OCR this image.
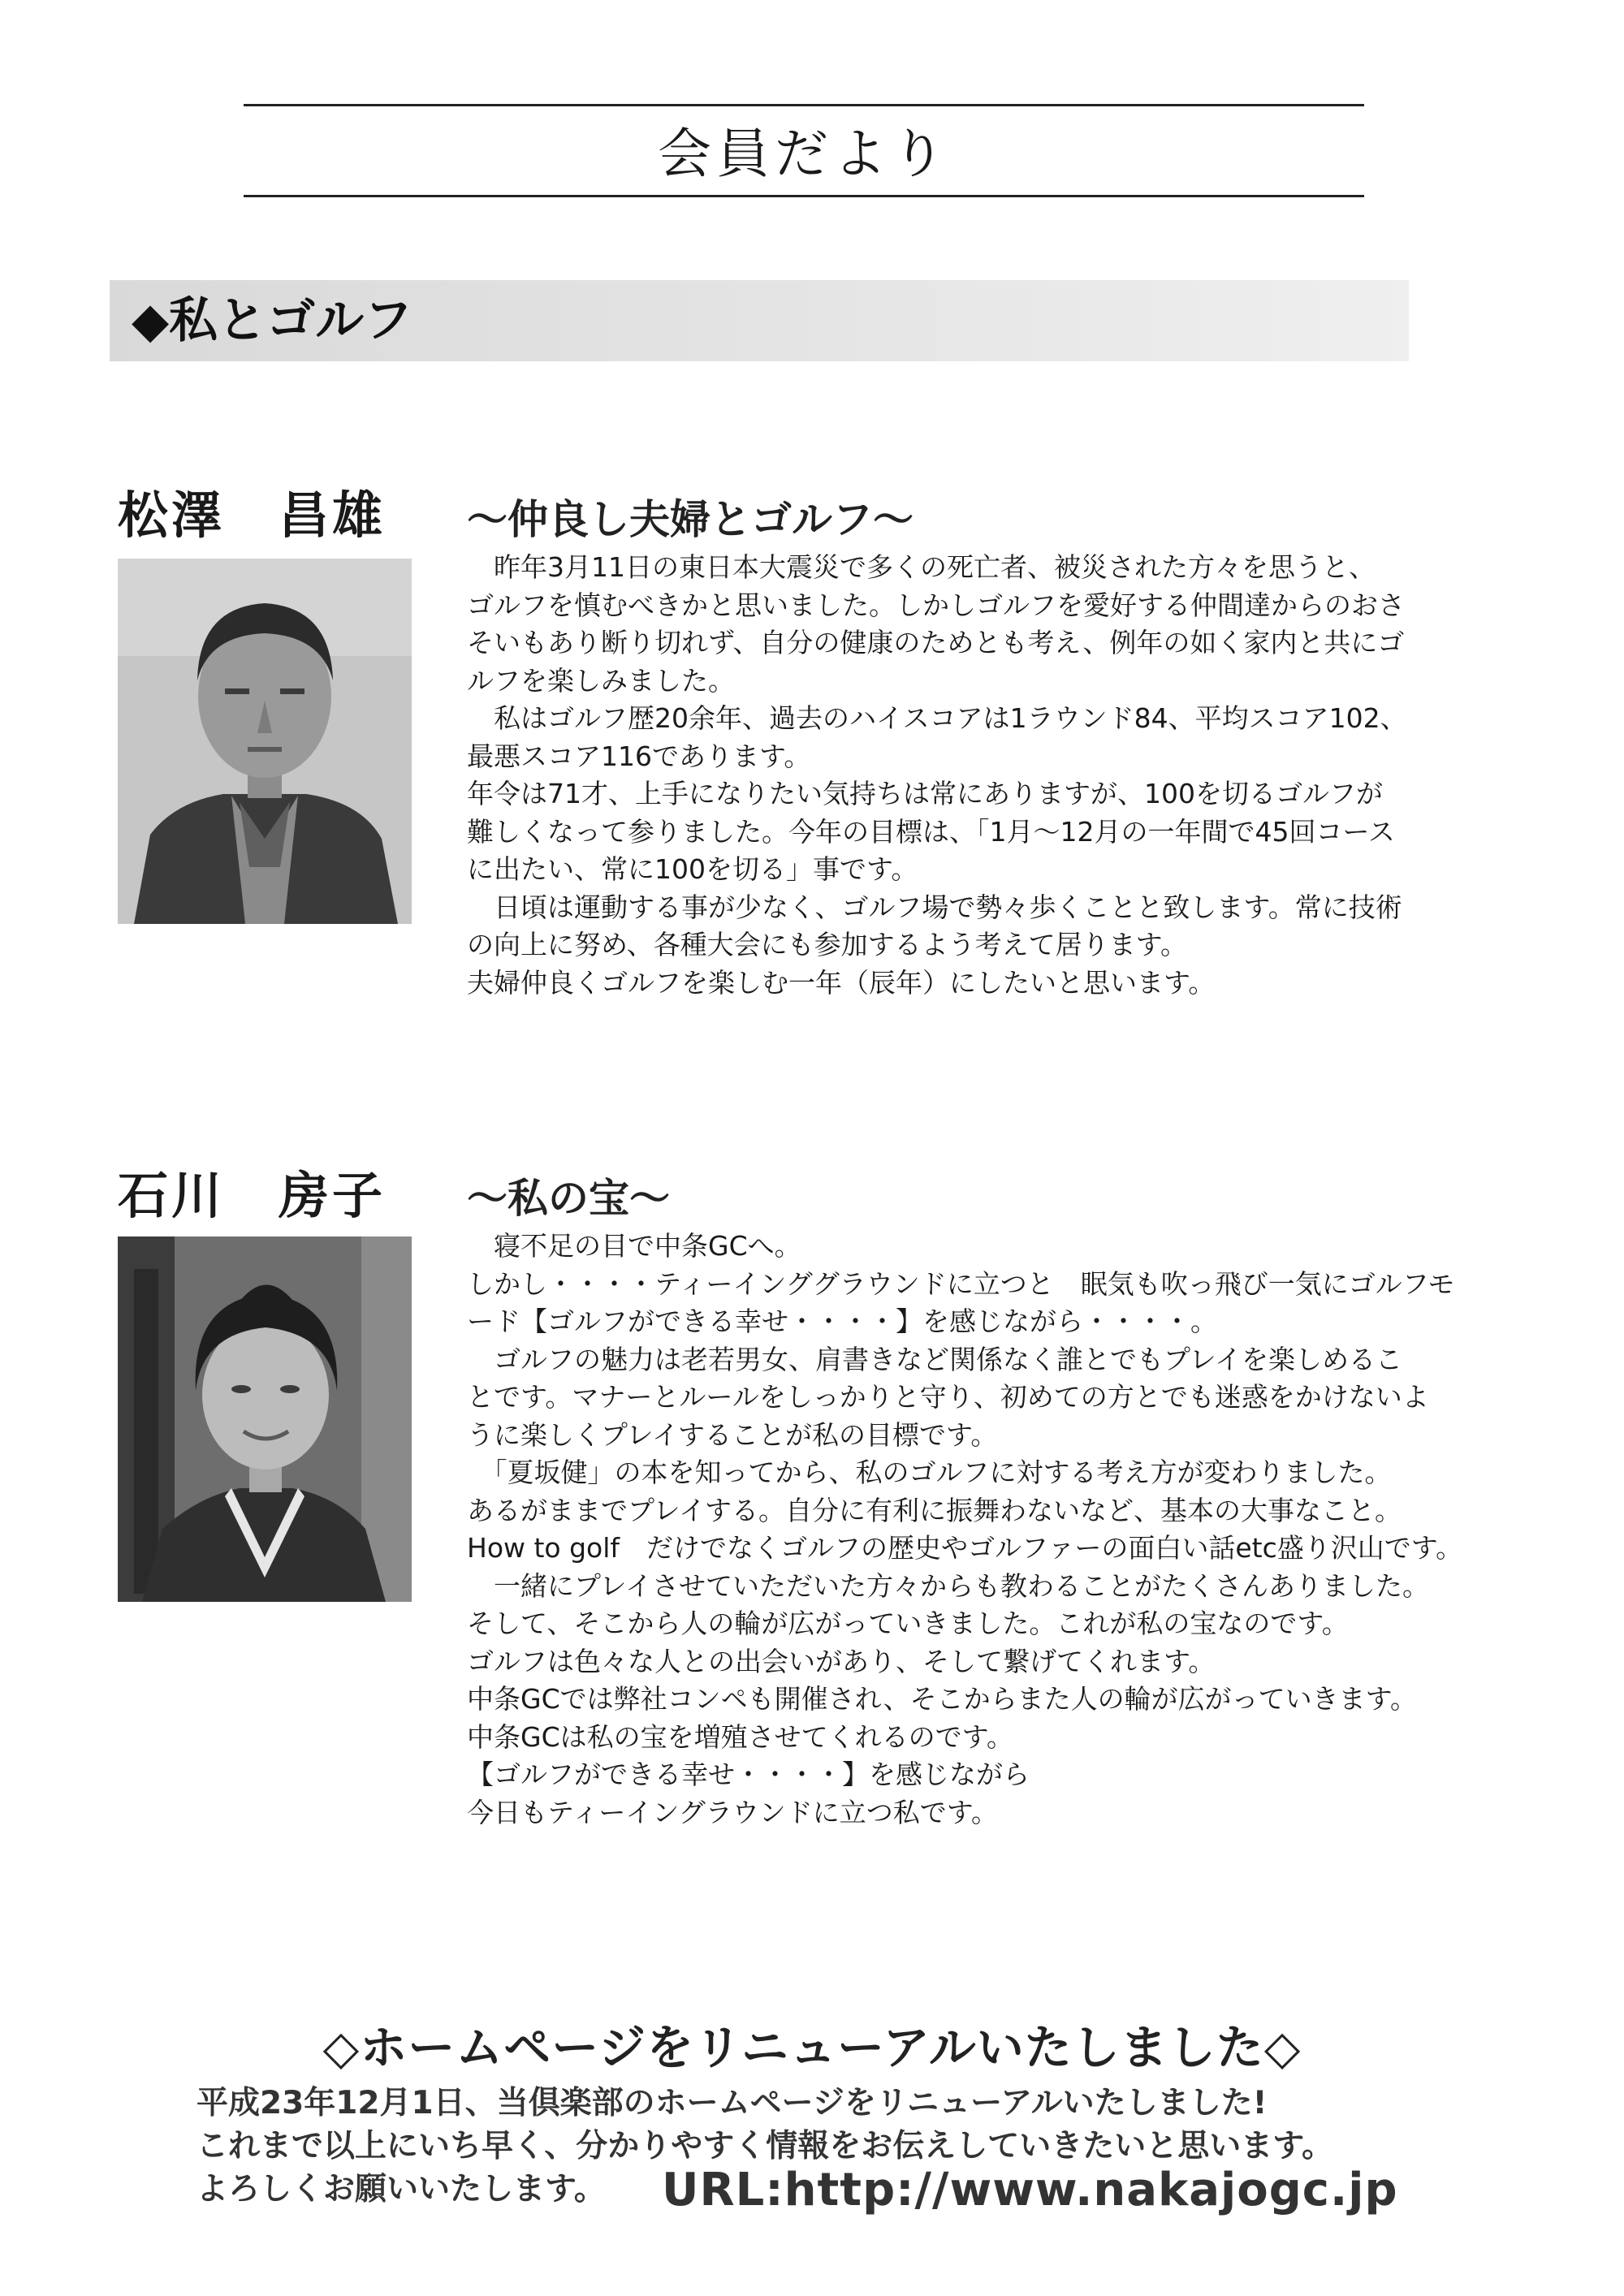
会員だより
◆私とゴルフ
松澤　昌雄 ～仲良し夫婦とゴルフ～

　昨年3月11日の東日本大震災で多くの死亡者、被災された方々を思うと、

ゴルフを慎むべきかと思いました。しかしゴルフを愛好する仲間達からのおさ

そいもあり断り切れず、自分の健康のためとも考え、例年の如く家内と共にゴ

ルフを楽しみました。

　私はゴルフ歴20余年、過去のハイスコアは1ラウンド84、平均スコア102、

最悪スコア116であります。

年令は71才、上手になりたい気持ちは常にありますが、100を切るゴルフが

難しくなって参りました。今年の目標は、「1月～12月の一年間で45回コース

に出たい、常に100を切る」事です。

　日頃は運動する事が少なく、ゴルフ場で勢々歩くことと致します。常に技術

の向上に努め、各種大会にも参加するよう考えて居ります。

夫婦仲良くゴルフを楽しむ一年（辰年）にしたいと思います。

石川　房子 ～私の宝～

　寝不足の目で中条GCへ。

しかし・・・・ティーインググラウンドに立つと　眠気も吹っ飛び一気にゴルフモ

ード【ゴルフができる幸せ・・・・】を感じながら・・・・。

　ゴルフの魅力は老若男女、肩書きなど関係なく誰とでもプレイを楽しめるこ

とです。マナーとルールをしっかりと守り、初めての方とでも迷惑をかけないよ

うに楽しくプレイすることが私の目標です。

　「夏坂健」の本を知ってから、私のゴルフに対する考え方が変わりました。

あるがままでプレイする。自分に有利に振舞わないなど、基本の大事なこと。

How to golf　だけでなくゴルフの歴史やゴルファーの面白い話etc盛り沢山です。

　一緒にプレイさせていただいた方々からも教わることがたくさんありました。

そして、そこから人の輪が広がっていきました。これが私の宝なのです。

ゴルフは色々な人との出会いがあり、そして繋げてくれます。

中条GCでは弊社コンペも開催され、そこからまた人の輪が広がっていきます。

中条GCは私の宝を増殖させてくれるのです。

【ゴルフができる幸せ・・・・】を感じながら

今日もティーイングラウンドに立つ私です。

◇ホームページをリニューアルいたしました◇

平成23年12月1日、当倶楽部のホームページをリニューアルいたしました!

これまで以上にいち早く、分かりやすく情報をお伝えしていきたいと思います。

よろしくお願いいたします。	URL:http://www.nakajogc.jp
